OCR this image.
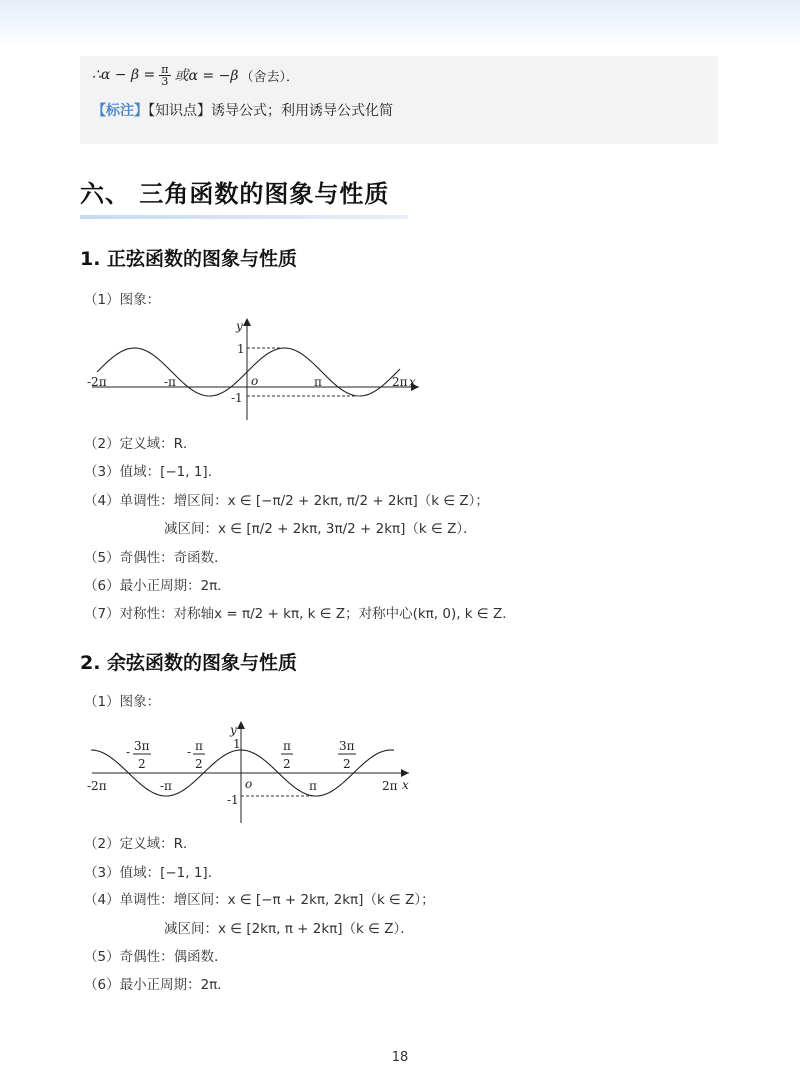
∴α − $\beta = \frac{\pi}{3}$ 或α = −β （舍去）．
【标注】【知识点】诱导公式；利用诱导公式化简
六、 三角函数的图象与性质
1. 正弦函数的图象与性质
（1）图象：
y
x
1
-1
o
-2π	-π	π	2π
（2）定义域：R．
（3）值域：[−1, 1]．
（4）单调性：增区间：x ∈ [−π/2 + 2kπ, π/2 + 2kπ]（k ∈ Z）；
减区间：x ∈ [π/2 + 2kπ, 3π/2 + 2kπ]（k ∈ Z）．
（5）奇偶性：奇函数．
（6）最小正周期：2π．
（7）对称性：对称轴x = π/2 + kπ, k ∈ Z；对称中心(kπ, 0), k ∈ Z．
2. 余弦函数的图象与性质
（1）图象：
y
x
1
-1
o
-2π	-π	π	2π
- 3π
2
- π
2
π
2
3π
2
（2）定义域：R．
（3）值域：[−1, 1]．
（4）单调性：增区间：x ∈ [−π + 2kπ, 2kπ]（k ∈ Z）；
减区间：x ∈ [2kπ, π + 2kπ]（k ∈ Z）．
（5）奇偶性：偶函数．
（6）最小正周期：2π．
18
